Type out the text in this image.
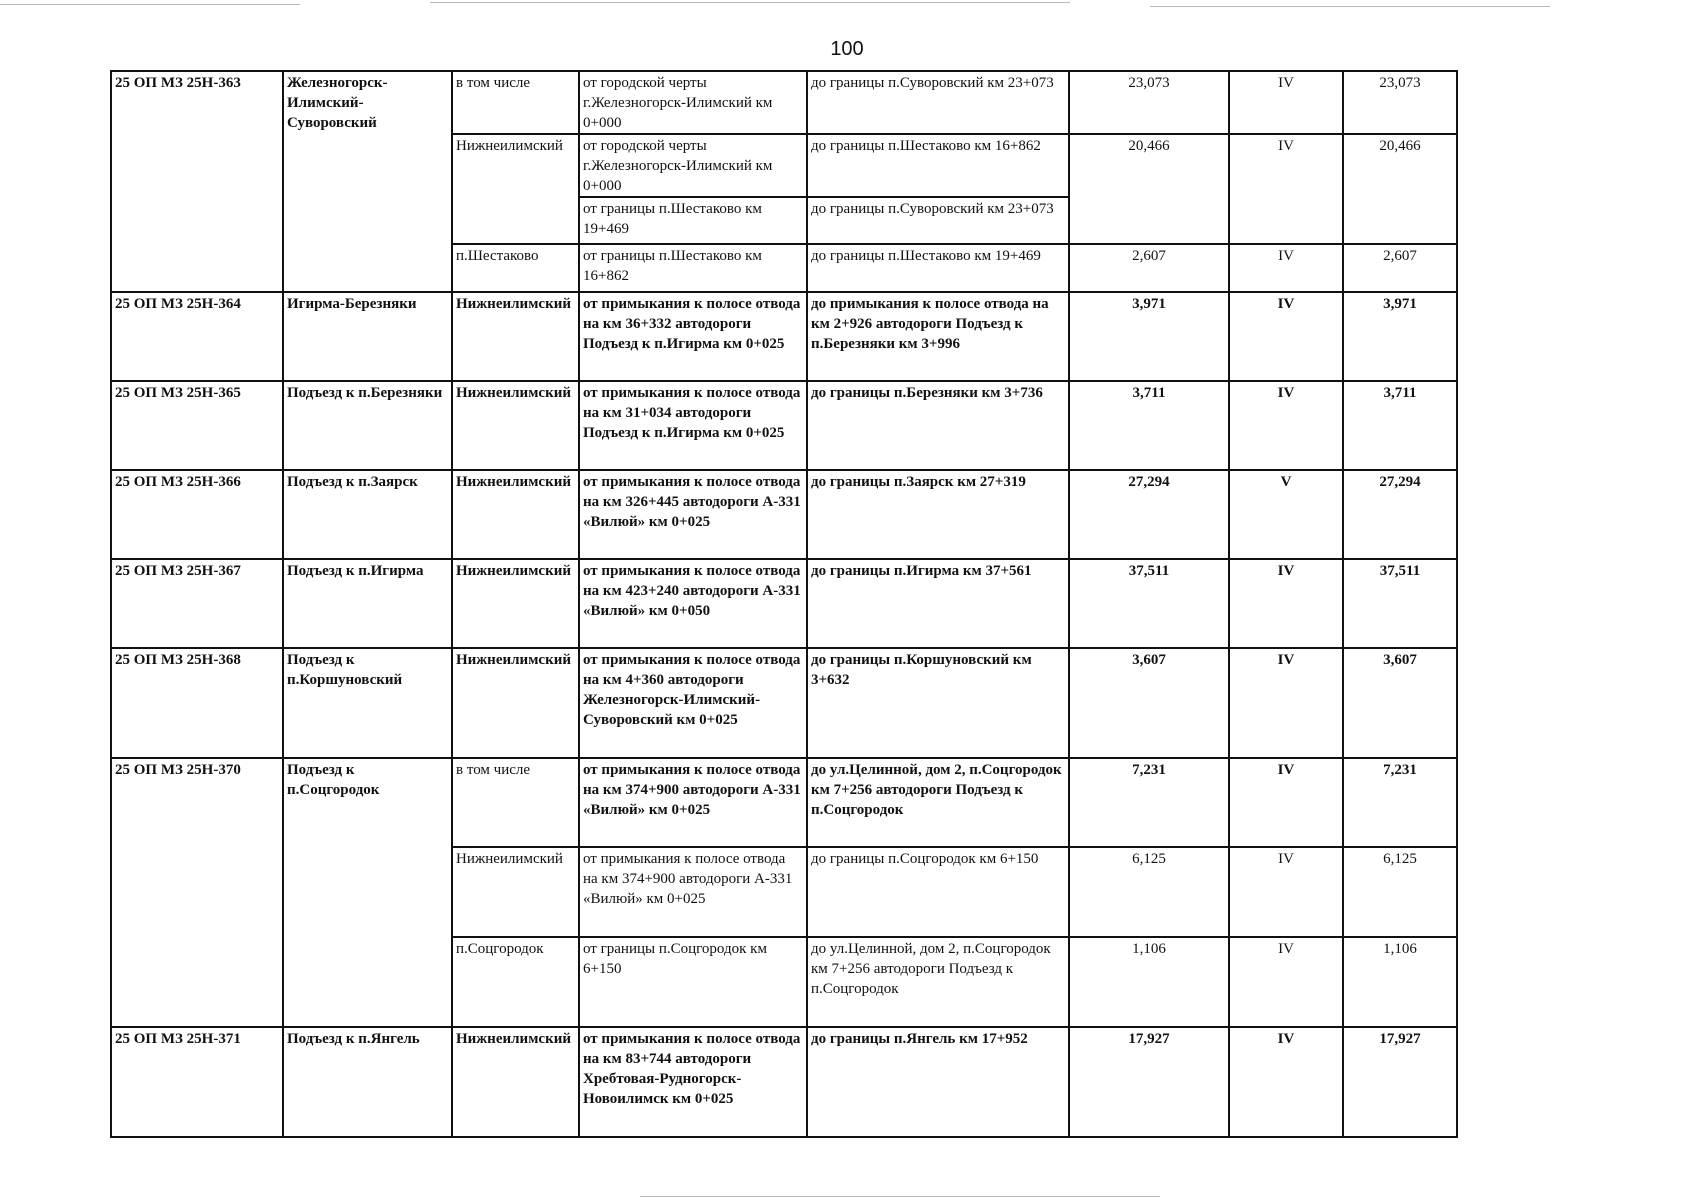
100
25 ОП МЗ 25Н-363	Железногорск-Илимский-Суворовский	в том числе	от городской черты г.Железногорск-Илимский км 0+000	до границы п.Суворовский км 23+073	23,073	IV	23,073
		Нижнеилимский	от городской черты г.Железногорск-Илимский км 0+000	до границы п.Шестаково км 16+862	20,466	IV	20,466
			от границы п.Шестаково км 19+469	до границы п.Суворовский км 23+073			
		п.Шестаково	от границы п.Шестаково км 16+862	до границы п.Шестаково км 19+469	2,607	IV	2,607
25 ОП МЗ 25Н-364	Игирма-Березняки	Нижнеилимский	от примыкания к полосе отвода на км 36+332 автодороги Подъезд к п.Игирма км 0+025	до примыкания к полосе отвода на км 2+926 автодороги Подъезд к п.Березняки км 3+996	3,971	IV	3,971
25 ОП МЗ 25Н-365	Подъезд к п.Березняки	Нижнеилимский	от примыкания к полосе отвода на км 31+034 автодороги Подъезд к п.Игирма км 0+025	до границы п.Березняки км 3+736	3,711	IV	3,711
25 ОП МЗ 25Н-366	Подъезд к п.Заярск	Нижнеилимский	от примыкания к полосе отвода на км 326+445 автодороги А-331 «Вилюй» км 0+025	до границы п.Заярск км 27+319	27,294	V	27,294
25 ОП МЗ 25Н-367	Подъезд к п.Игирма	Нижнеилимский	от примыкания к полосе отвода на км 423+240 автодороги А-331 «Вилюй» км 0+050	до границы п.Игирма км 37+561	37,511	IV	37,511
25 ОП МЗ 25Н-368	Подъезд к п.Коршуновский	Нижнеилимский	от примыкания к полосе отвода на км 4+360 автодороги Железногорск-Илимский-Суворовский км 0+025	до границы п.Коршуновский км 3+632	3,607	IV	3,607
25 ОП МЗ 25Н-370	Подъезд к п.Соцгородок	в том числе	от примыкания к полосе отвода на км 374+900 автодороги А-331 «Вилюй» км 0+025	до ул.Целинной, дом 2, п.Соцгородок км 7+256 автодороги Подъезд к п.Соцгородок	7,231	IV	7,231
		Нижнеилимский	от примыкания к полосе отвода на км 374+900 автодороги А-331 «Вилюй» км 0+025	до границы п.Соцгородок км 6+150	6,125	IV	6,125
		п.Соцгородок	от границы п.Соцгородок км 6+150	до ул.Целинной, дом 2, п.Соцгородок км 7+256 автодороги Подъезд к п.Соцгородок	1,106	IV	1,106
25 ОП МЗ 25Н-371	Подъезд к п.Янгель	Нижнеилимский	от примыкания к полосе отвода на км 83+744 автодороги Хребтовая-Рудногорск-Новоилимск км 0+025	до границы п.Янгель км 17+952	17,927	IV	17,927
